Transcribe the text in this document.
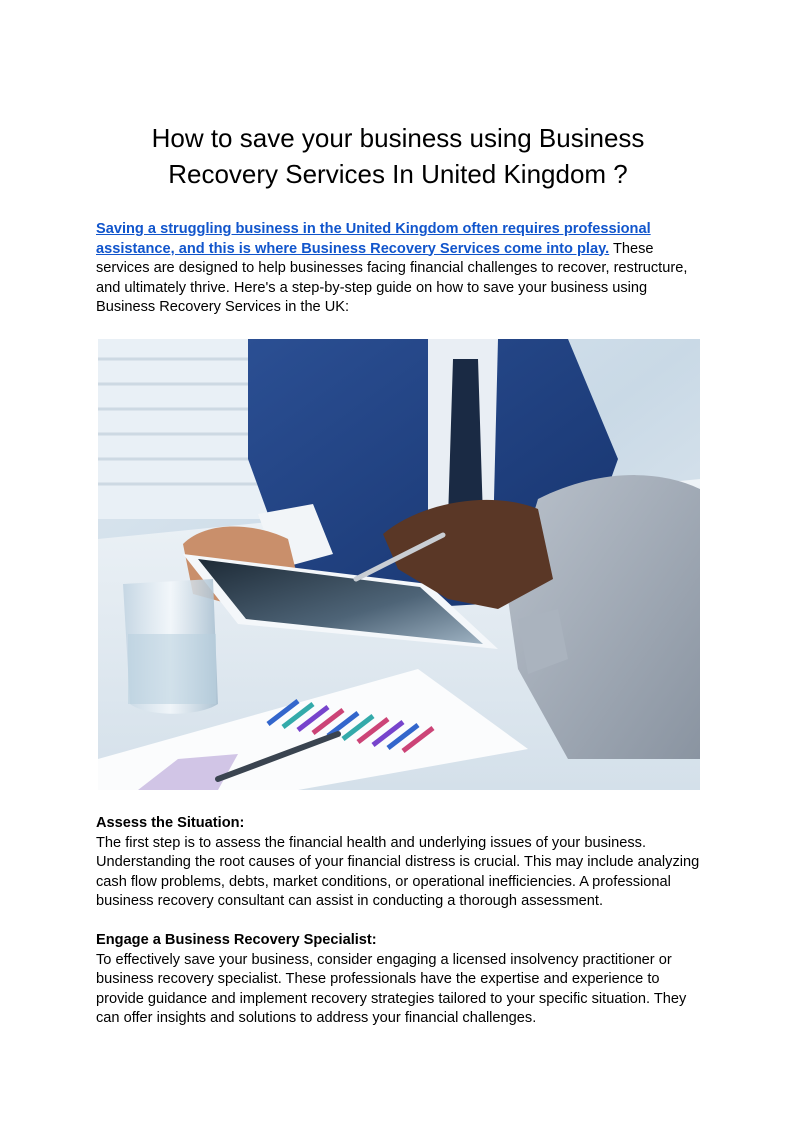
How to save your business using Business Recovery Services In United Kingdom ?

Saving a struggling business in the United Kingdom often requires professional assistance, and this is where Business Recovery Services come into play. These services are designed to help businesses facing financial challenges to recover, restructure, and ultimately thrive. Here's a step-by-step guide on how to save your business using Business Recovery Services in the UK:

Assess the Situation:

The first step is to assess the financial health and underlying issues of your business. Understanding the root causes of your financial distress is crucial. This may include analyzing cash flow problems, debts, market conditions, or operational inefficiencies. A professional business recovery consultant can assist in conducting a thorough assessment.

Engage a Business Recovery Specialist:

To effectively save your business, consider engaging a licensed insolvency practitioner or business recovery specialist. These professionals have the expertise and experience to provide guidance and implement recovery strategies tailored to your specific situation. They can offer insights and solutions to address your financial challenges.
